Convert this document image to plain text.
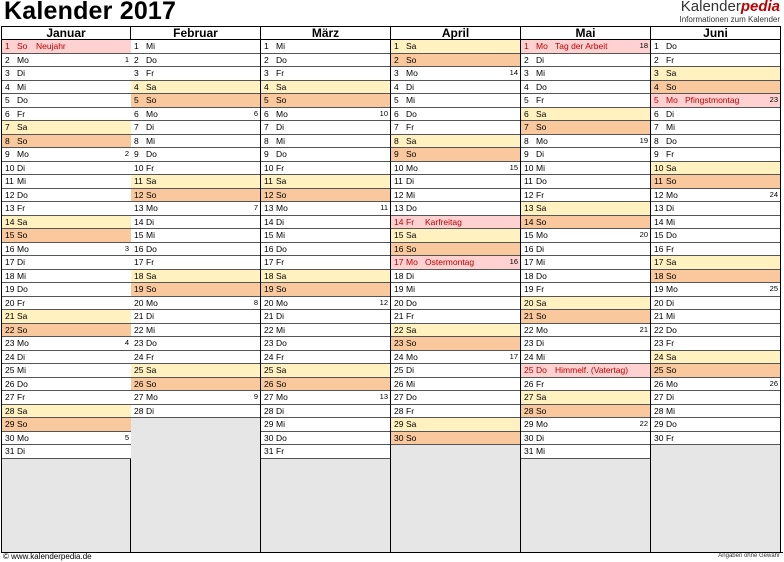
Kalender 2017	Kalenderpedia
Informationen zum Kalender
Januar
1 So Neujahr
2 Mo	1
3 Di
4 Mi
5 Do
6 Fr
7 Sa
8 So
9 Mo	2
10 Di
11 Mi
12 Do
13 Fr
14 Sa
15 So
16 Mo	3
17 Di
18 Mi
19 Do
20 Fr
21 Sa
22 So
23 Mo	4
24 Di
25 Mi
26 Do
27 Fr
28 Sa
29 So
30 Mo	5
31 Di
Februar
1 Mi
2 Do
3 Fr
4 Sa
5 So
6 Mo	6
7 Di
8 Mi
9 Do
10 Fr
11 Sa
12 So
13 Mo	7
14 Di
15 Mi
16 Do
17 Fr
18 Sa
19 So
20 Mo	8
21 Di
22 Mi
23 Do
24 Fr
25 Sa
26 So
27 Mo	9
28 Di
März
1 Mi
2 Do
3 Fr
4 Sa
5 So
6 Mo	10
7 Di
8 Mi
9 Do
10 Fr
11 Sa
12 So
13 Mo	11
14 Di
15 Mi
16 Do
17 Fr
18 Sa
19 So
20 Mo	12
21 Di
22 Mi
23 Do
24 Fr
25 Sa
26 So
27 Mo	13
28 Di
29 Mi
30 Do
31 Fr
April
1 Sa
2 So
3 Mo	14
4 Di
5 Mi
6 Do
7 Fr
8 Sa
9 So
10 Mo	15
11 Di
12 Mi
13 Do
14 Fr Karfreitag
15 Sa
16 So
17 Mo Ostermontag	16
18 Di
19 Mi
20 Do
21 Fr
22 Sa
23 So
24 Mo	17
25 Di
26 Mi
27 Do
28 Fr
29 Sa
30 So
Mai
1 Mo Tag der Arbeit	18
2 Di
3 Mi
4 Do
5 Fr
6 Sa
7 So
8 Mo	19
9 Di
10 Mi
11 Do
12 Fr
13 Sa
14 So
15 Mo	20
16 Di
17 Mi
18 Do
19 Fr
20 Sa
21 So
22 Mo	21
23 Di
24 Mi
25 Do Himmelf. (Vatertag)
26 Fr
27 Sa
28 So
29 Mo	22
30 Di
31 Mi
Juni
1 Do
2 Fr
3 Sa
4 So
5 Mo Pfingstmontag	23
6 Di
7 Mi
8 Do
9 Fr
10 Sa
11 So
12 Mo	24
13 Di
14 Mi
15 Do
16 Fr
17 Sa
18 So
19 Mo	25
20 Di
21 Mi
22 Do
23 Fr
24 Sa
25 So
26 Mo	26
27 Di
28 Mi
29 Do
30 Fr
© www.kalenderpedia.de	Angaben ohne Gewähr
